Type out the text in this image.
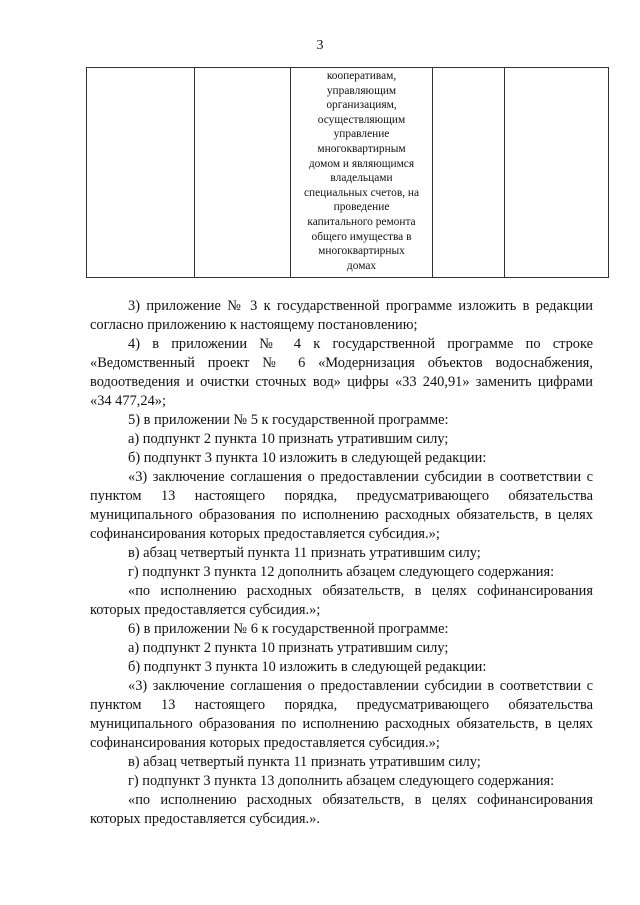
3

кооперативам,
управляющим
организациям,
осуществляющим
управление
многоквартирным
домом и являющимся
владельцами
специальных счетов, на
проведение
капитального ремонта
общего имущества в
многоквартирных
домах

3) приложение № 3 к государственной программе изложить в редакции согласно приложению к настоящему постановлению;

4) в приложении № 4 к государственной программе по строке «Ведомственный проект № 6 «Модернизация объектов водоснабжения, водоотведения и очистки сточных вод» цифры «33 240,91» заменить цифрами «34 477,24»;

5) в приложении № 5 к государственной программе:

а) подпункт 2 пункта 10 признать утратившим силу;

б) подпункт 3 пункта 10 изложить в следующей редакции:

«3) заключение соглашения о предоставлении субсидии в соответствии с пунктом 13 настоящего порядка, предусматривающего обязательства муниципального образования по исполнению расходных обязательств, в целях софинансирования которых предоставляется субсидия.»;

в) абзац четвертый пункта 11 признать утратившим силу;

г) подпункт 3 пункта 12 дополнить абзацем следующего содержания:

«по исполнению расходных обязательств, в целях софинансирования которых предоставляется субсидия.»;

6) в приложении № 6 к государственной программе:

а) подпункт 2 пункта 10 признать утратившим силу;

б) подпункт 3 пункта 10 изложить в следующей редакции:

«3) заключение соглашения о предоставлении субсидии в соответствии с пунктом 13 настоящего порядка, предусматривающего обязательства муниципального образования по исполнению расходных обязательств, в целях софинансирования которых предоставляется субсидия.»;

в) абзац четвертый пункта 11 признать утратившим силу;

г) подпункт 3 пункта 13 дополнить абзацем следующего содержания:

«по исполнению расходных обязательств, в целях софинансирования которых предоставляется субсидия.».
